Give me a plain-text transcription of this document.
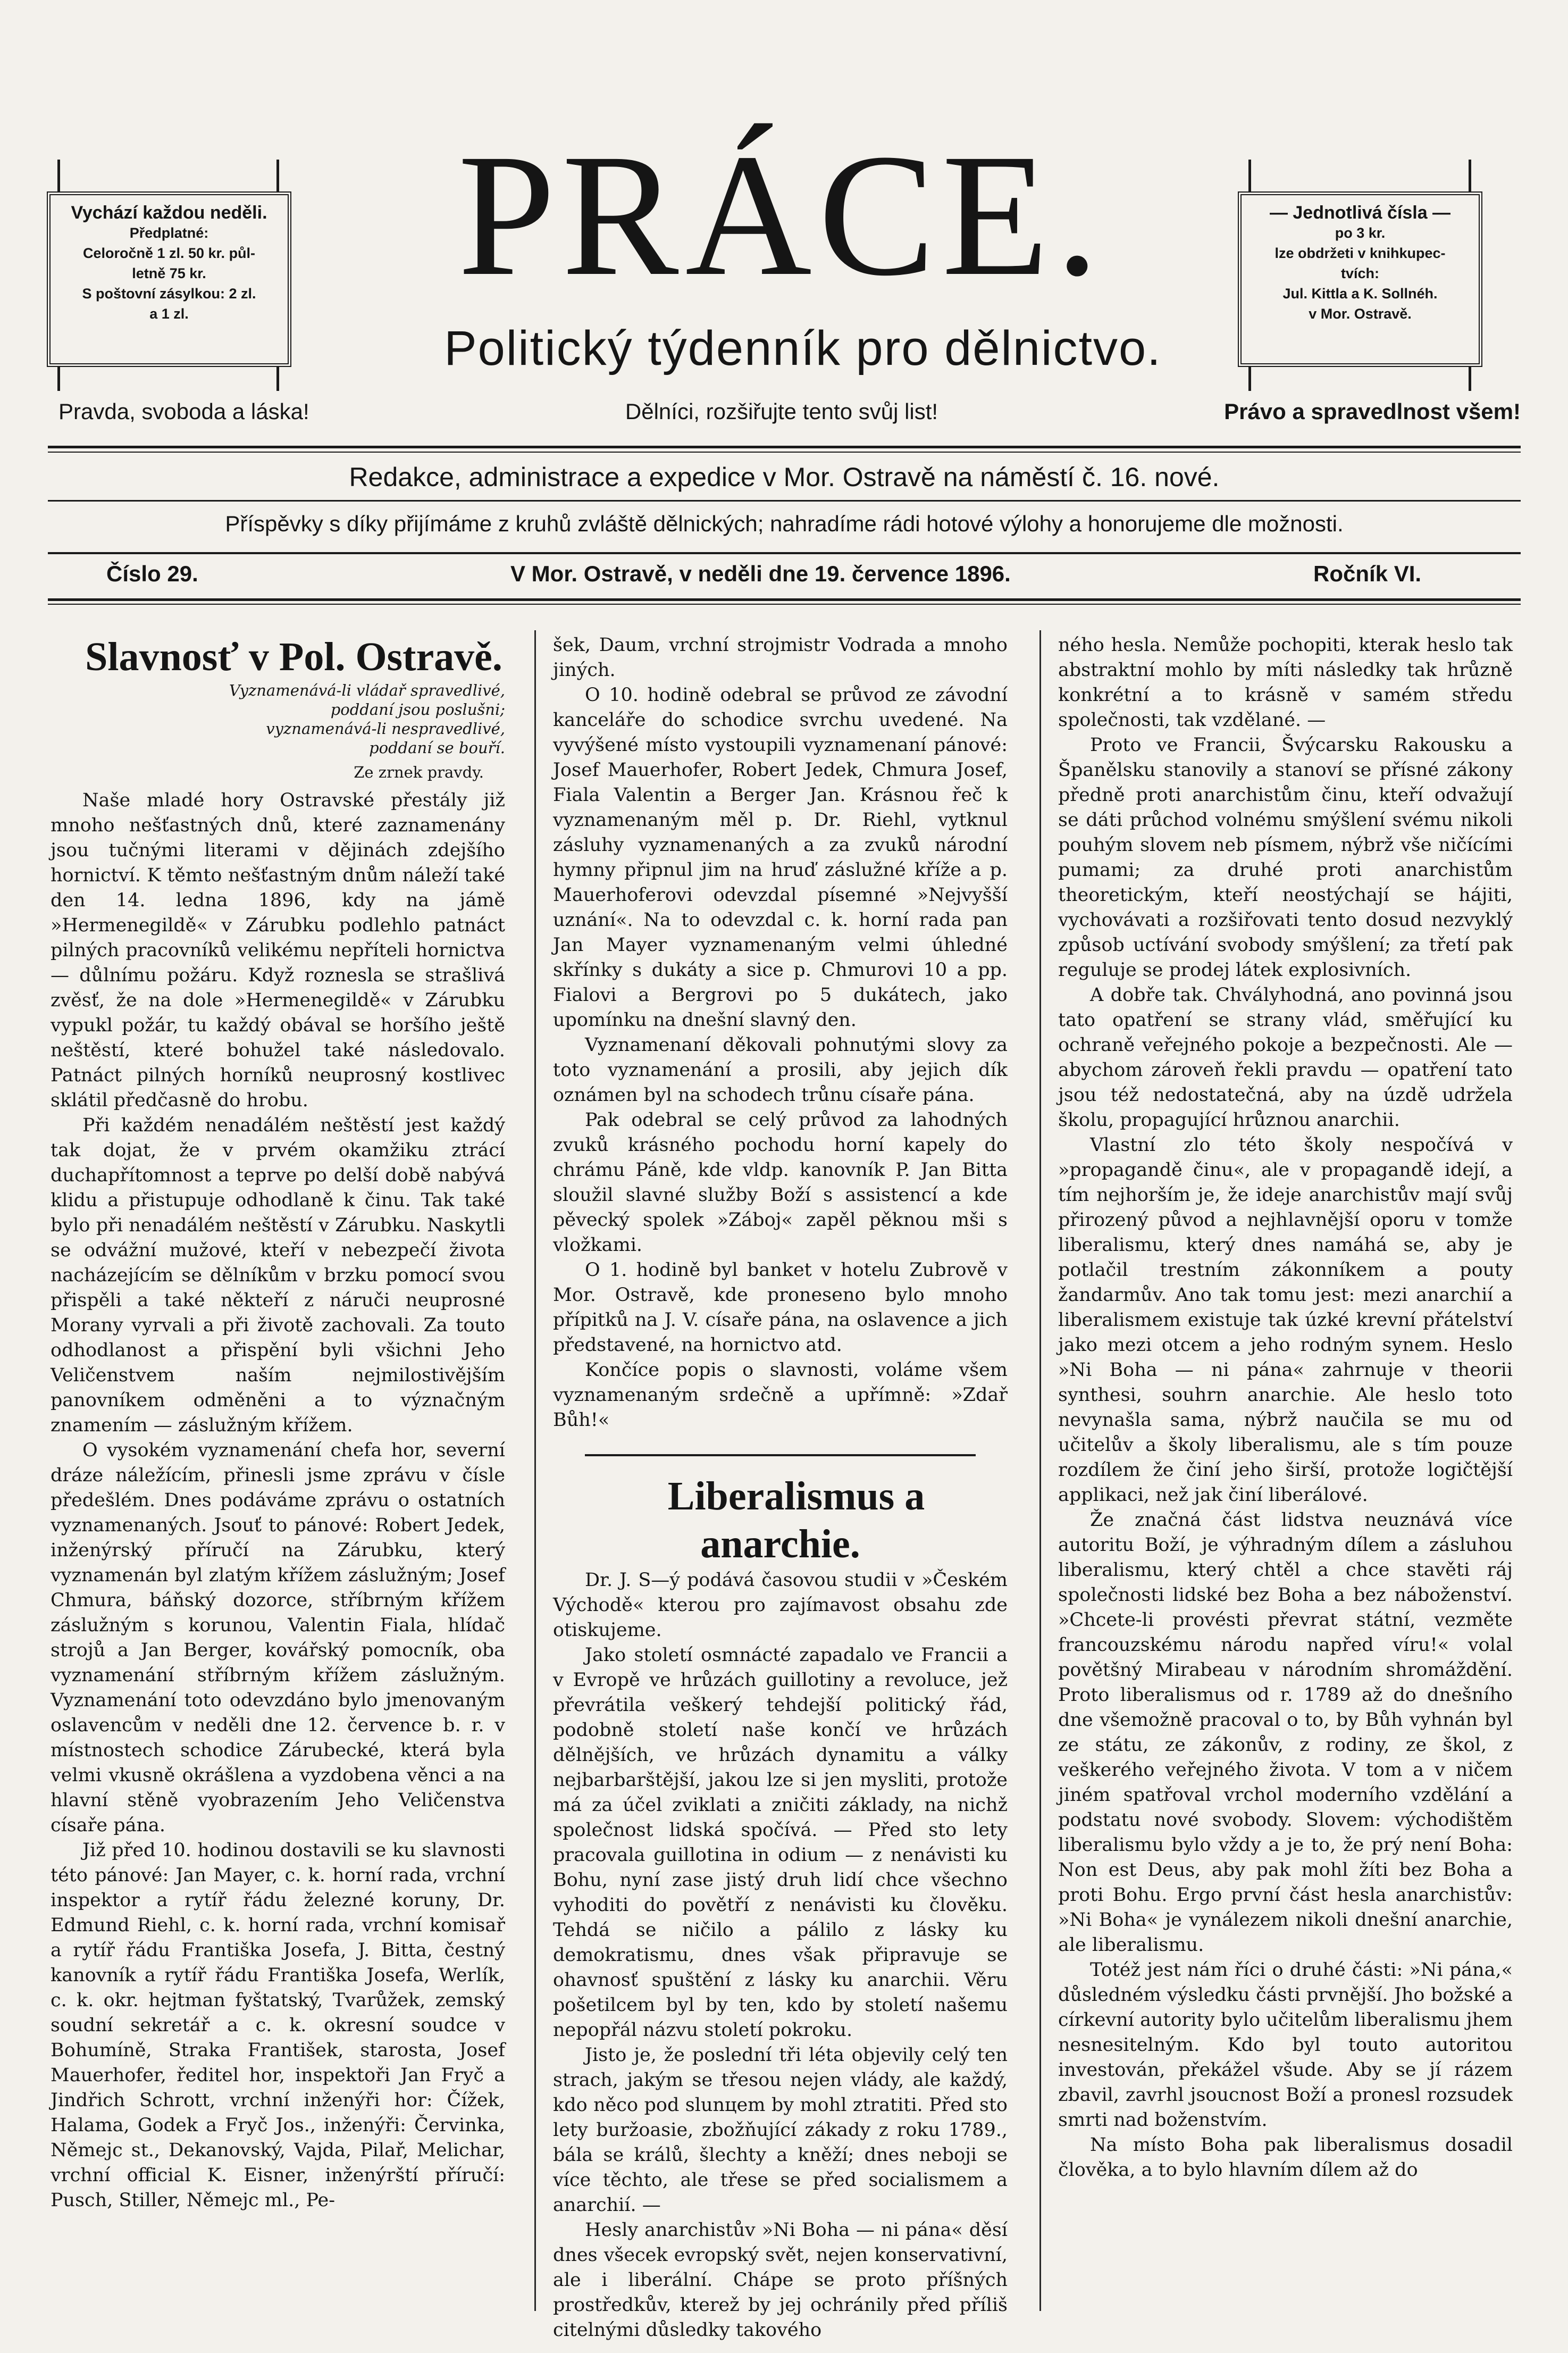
Vychází každou neděli.
Předplatné:
Celoročně 1 zl. 50 kr. půl-
letně 75 kr.
S poštovní zásylkou: 2 zl.
a 1 zl.
PRÁCE.
Politický týdenník pro dělnictvo.
— Jednotlivá čísla —
po 3 kr.
lze obdržeti v knihkupec-
tvích:
Jul. Kittla a K. Sollnéh.
v Mor. Ostravě.
Pravda, svoboda a láska!	Dělníci, rozšiřujte tento svůj list!	Právo a spravedlnost všem!
Redakce, administrace a expedice v Mor. Ostravě na náměstí č. 16. nové.
Příspěvky s díky přijímáme z kruhů zvláště dělnických; nahradíme rádi hotové výlohy a honorujeme dle možnosti.
Číslo 29.	V Mor. Ostravě, v neděli dne 19. července 1896.	Ročník VI.

Slavnosť v Pol. Ostravě.

Vyznamenává-li vládař spravedlivé,
poddaní jsou poslušni;
vyznamenává-li nespravedlivé,
poddaní se bouří.
Ze zrnek pravdy.

Naše mladé hory Ostravské přestály již mnoho nešťastných dnů, které zaznamenány jsou tučnými literami v dějinách zdejšího hornictví. K těmto nešťastným dnům náleží také den 14. ledna 1896, kdy na jámě »Hermenegildě« v Zárubku podlehlo patnáct pilných pracovníků velikému nepříteli hornictva — důlnímu požáru. Když roznesla se strašlivá zvěsť, že na dole »Hermenegildě« v Zárubku vypukl požár, tu každý obával se horšího ještě neštěstí, které bohužel také následovalo. Patnáct pilných horníků neuprosný kostlivec sklátil předčasně do hrobu.

Při každém nenadálém neštěstí jest každý tak dojat, že v prvém okamžiku ztrácí duchapřítomnost a teprve po delší době nabývá klidu a přistupuje odhodlaně k činu. Tak také bylo při nenadálém neštěstí v Zárubku. Naskytli se odvážní mužové, kteří v nebezpečí života nacházejícím se dělníkům v brzku pomocí svou přispěli a také někteří z náruči neuprosné Morany vyrvali a při životě zachovali. Za touto odhodlanost a přispění byli všichni Jeho Veličenstvem naším nejmilostivějším panovníkem odměněni a to význačným znamením — záslužným křížem.

O vysokém vyznamenání chefa hor, severní dráze náležícím, přinesli jsme zprávu v čísle předešlém. Dnes podáváme zprávu o ostatních vyznamenaných. Jsouť to pánové: Robert Jedek, inženýrský příručí na Zárubku, který vyznamenán byl zlatým křížem záslužným; Josef Chmura, báňský dozorce, stříbrným křížem záslužným s korunou, Valentin Fiala, hlídač strojů a Jan Berger, kovářský pomocník, oba vyznamenání stříbrným křížem záslužným. Vyznamenání toto odevzdáno bylo jmenovaným oslavencům v neděli dne 12. července b. r. v místnostech schodice Zárubecké, která byla velmi vkusně okrášlena a vyzdobena věnci a na hlavní stěně vyobrazením Jeho Veličenstva císaře pána.

Již před 10. hodinou dostavili se ku slavnosti této pánové: Jan Mayer, c. k. horní rada, vrchní inspektor a rytíř řádu železné koruny, Dr. Edmund Riehl, c. k. horní rada, vrchní komisař a rytíř řádu Františka Josefa, J. Bitta, čestný kanovník a rytíř řádu Františka Josefa, Werlík, c. k. okr. hejtman fyštatský, Tvarůžek, zemský soudní sekretář a c. k. okresní soudce v Bohumíně, Straka František, starosta, Josef Mauerhofer, ředitel hor, inspektoři Jan Fryč a Jindřich Schrott, vrchní inženýři hor: Čížek, Halama, Godek a Fryč Jos., inženýři: Červinka, Němejc st., Dekanovský, Vajda, Pilař, Melichar, vrchní official K. Eisner, inženýrští příručí: Pusch, Stiller, Němejc ml., Pe-

šek, Daum, vrchní strojmistr Vodrada a mnoho jiných.

O 10. hodině odebral se průvod ze závodní kanceláře do schodice svrchu uvedené. Na vyvýšené místo vystoupili vyznamenaní pánové: Josef Mauerhofer, Robert Jedek, Chmura Josef, Fiala Valentin a Berger Jan. Krásnou řeč k vyznamenaným měl p. Dr. Riehl, vytknul zásluhy vyznamenaných a za zvuků národní hymny připnul jim na hruď záslužné kříže a p. Mauerhoferovi odevzdal písemné »Nejvyšší uznání«. Na to odevzdal c. k. horní rada pan Jan Mayer vyznamenaným velmi úhledné skřínky s dukáty a sice p. Chmurovi 10 a pp. Fialovi a Bergrovi po 5 dukátech, jako upomínku na dnešní slavný den.

Vyznamenaní děkovali pohnutými slovy za toto vyznamenání a prosili, aby jejich dík oznámen byl na schodech trůnu císaře pána.

Pak odebral se celý průvod za lahodných zvuků krásného pochodu horní kapely do chrámu Páně, kde vldp. kanovník P. Jan Bitta sloužil slavné služby Boží s assistencí a kde pěvecký spolek »Záboj« zapěl pěknou mši s vložkami.

O 1. hodině byl banket v hotelu Zubrově v Mor. Ostravě, kde proneseno bylo mnoho přípitků na J. V. císaře pána, na oslavence a jich představené, na hornictvo atd.

Končíce popis o slavnosti, voláme všem vyznamenaným srdečně a upřímně: »Zdař Bůh!«

Liberalismus a anarchie.

Dr. J. S—ý podává časovou studii v »Českém Východě« kterou pro zajímavost obsahu zde otiskujeme.

Jako století osmnácté zapadalo ve Francii a v Evropě ve hrůzách guillotiny a revoluce, jež převrátila veškerý tehdejší politický řád, podobně století naše končí ve hrůzách dělnějších, ve hrůzách dynamitu a války nejbarbarštější, jakou lze si jen mysliti, protože má za účel zviklati a zničiti základy, na nichž společnost lidská spočívá. — Před sto lety pracovala guillotina in odium — z nenávisti ku Bohu, nyní zase jistý druh lidí chce všechno vyhoditi do povětří z nenávisti ku člověku. Tehdá se ničilo a pálilo z lásky ku demokratismu, dnes však připravuje se ohavnosť spuštění z lásky ku anarchii. Věru pošetilcem byl by ten, kdo by století našemu nepopřál názvu století pokroku.

Jisto je, že poslední tři léta objevily celý ten strach, jakým se třesou nejen vlády, ale každý, kdo něco pod slunцem by mohl ztratiti. Před sto lety buržoasie, zbožňující zákady z roku 1789., bála se králů, šlechty a kněží; dnes neboji se více těchto, ale třese se před socialismem a anarchií. —

Hesly anarchistův »Ni Boha — ni pána« děsí dnes všecek evropský svět, nejen konservativní, ale i liberální. Chápe se proto příšných prostředkův, kterež by jej ochránily před příliš citelnými důsledky takového

ného hesla. Nemůže pochopiti, kterak heslo tak abstraktní mohlo by míti následky tak hrůzně konkrétní a to krásně v samém středu společnosti, tak vzdělané. —

Proto ve Francii, Švýcarsku Rakousku a Španělsku stanovily a stanoví se přísné zákony předně proti anarchistům činu, kteří odvažují se dáti průchod volnému smýšlení svému nikoli pouhým slovem neb písmem, nýbrž vše ničícími pumami; za druhé proti anarchistům theoretickým, kteří neostýchají se hájiti, vychovávati a rozšiřovati tento dosud nezvyklý způsob uctívání svobody smýšlení; za třetí pak reguluje se prodej látek explosivních.

A dobře tak. Chvályhodná, ano povinná jsou tato opatření se strany vlád, směřující ku ochraně veřejného pokoje a bezpečnosti. Ale — abychom zároveň řekli pravdu — opatření tato jsou též nedostatečná, aby na úzdě udržela školu, propagující hrůznou anarchii.

Vlastní zlo této školy nespočívá v »propagandě činu«, ale v propagandě idejí, a tím nejhorším je, že ideje anarchistův mají svůj přirozený původ a nejhlavnější oporu v tomže liberalismu, který dnes namáhá se, aby je potlačil trestním zákonníkem a pouty žandarmův. Ano tak tomu jest: mezi anarchií a liberalismem existuje tak úzké krevní přátelství jako mezi otcem a jeho rodným synem. Heslo »Ni Boha — ni pána« zahrnuje v theorii synthesi, souhrn anarchie. Ale heslo toto nevynašla sama, nýbrž naučila se mu od učitelův a školy liberalismu, ale s tím pouze rozdílem že činí jeho širší, protože logičtější applikaci, než jak činí liberálové.

Že značná část lidstva neuznává více autoritu Boží, je výhradným dílem a zásluhou liberalismu, který chtěl a chce stavěti ráj společnosti lidské bez Boha a bez náboženství. »Chcete-li provésti převrat státní, vezměte francouzskému národu napřed víru!« volal povětšný Mirabeau v národním shromáždění. Proto liberalismus od r. 1789 až do dnešního dne všemožně pracoval o to, by Bůh vyhnán byl ze státu, ze zákonův, z rodiny, ze škol, z veškerého veřejného života. V tom a v ničem jiném spatřoval vrchol moderního vzdělání a podstatu nové svobody. Slovem: východištěm liberalismu bylo vždy a je to, že prý není Boha: Non est Deus, aby pak mohl žíti bez Boha a proti Bohu. Ergo první část hesla anarchistův: »Ni Boha« je vynálezem nikoli dnešní anarchie, ale liberalismu.

Totéž jest nám říci o druhé části: »Ni pána,« důsledném výsledku části prvnější. Jho božské a církevní autority bylo učitelům liberalismu jhem nesnesitelným. Kdo byl touto autoritou investován, překážel všude. Aby se jí rázem zbavil, zavrhl jsoucnost Boží a pronesl rozsudek smrti nad boženstvím.

Na místo Boha pak liberalismus dosadil člověka, a to bylo hlavním dílem až do
